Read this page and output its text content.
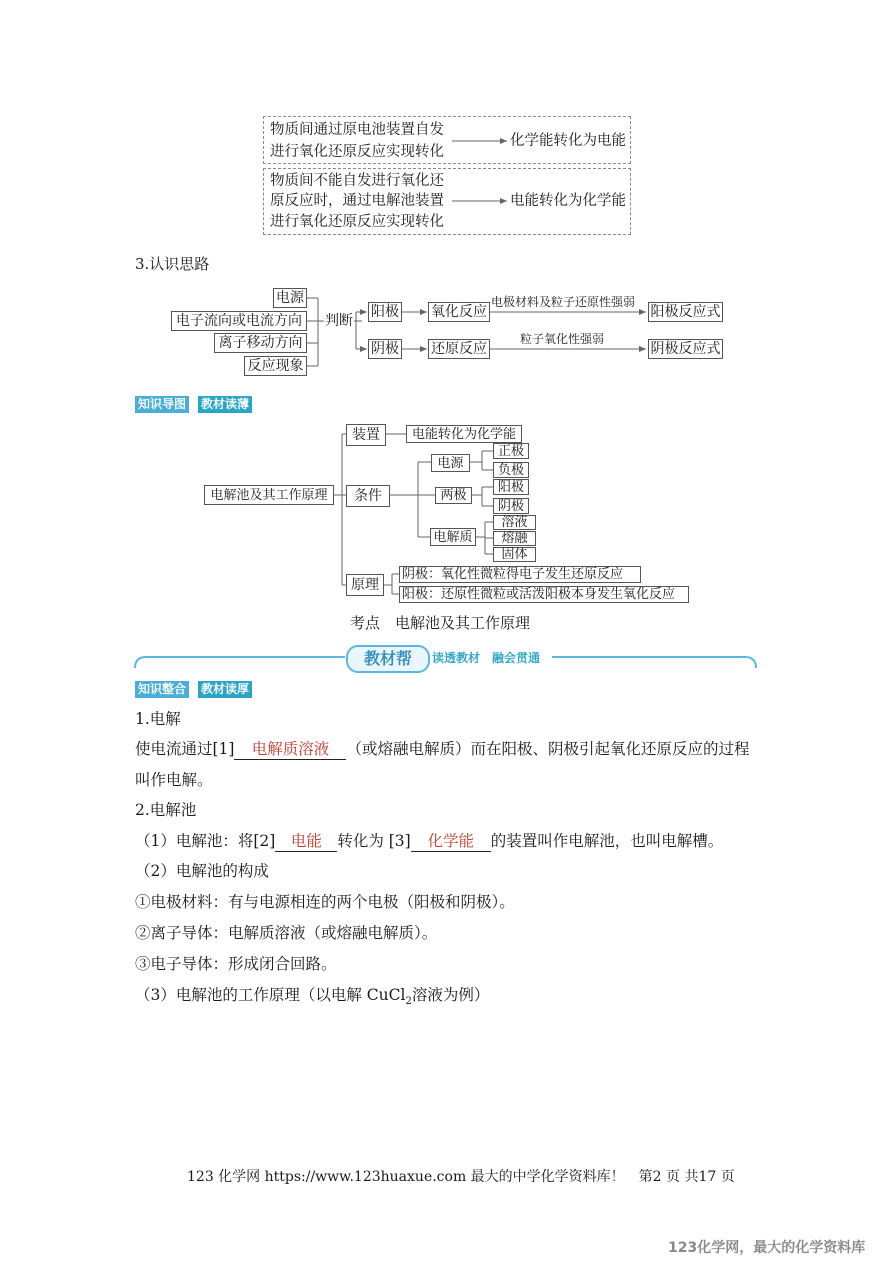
物质间通过原电池装置自发
进行氧化还原反应实现转化
化学能转化为电能
物质间不能自发进行氧化还
原反应时，通过电解池装置
进行氧化还原反应实现转化
电能转化为化学能
3.认识思路
电源
电子流向或电流方向
离子移动方向
反应现象
判断
阳极
阴极
氧化反应
还原反应
电极材料及粒子还原性强弱
粒子氧化性强弱
阳极反应式
阴极反应式
知识导图 教材读薄
电解池及其工作原理
装置	电能转化为化学能
条件
电源
正极
负极
两极
阳极
阴极
电解质
溶液
熔融
固体
原理
阴极：氧化性微粒得电子发生还原反应
阳极：还原性微粒或活泼阳极本身发生氧化反应
考点　电解池及其工作原理
教材帮	读透教材　融会贯通
知识整合 教材读厚
1.电解
使电流通过[1] 电解质溶液 （或熔融电解质）而在阳极、阴极引起氧化还原反应的过程
叫作电解。
2.电解池
（1）电解池：将[2] 电能 转化为 [3] 化学能 的装置叫作电解池，也叫电解槽。
（2）电解池的构成
①电极材料：有与电源相连的两个电极（阳极和阴极）。
②离子导体：电解质溶液（或熔融电解质）。
③电子导体：形成闭合回路。
（3）电解池的工作原理（以电解 CuCl$_2$溶液为例）
123 化学网 https://www.123huaxue.com 最大的中学化学资料库！　第2 页 共17 页
123化学网，最大的化学资料库
